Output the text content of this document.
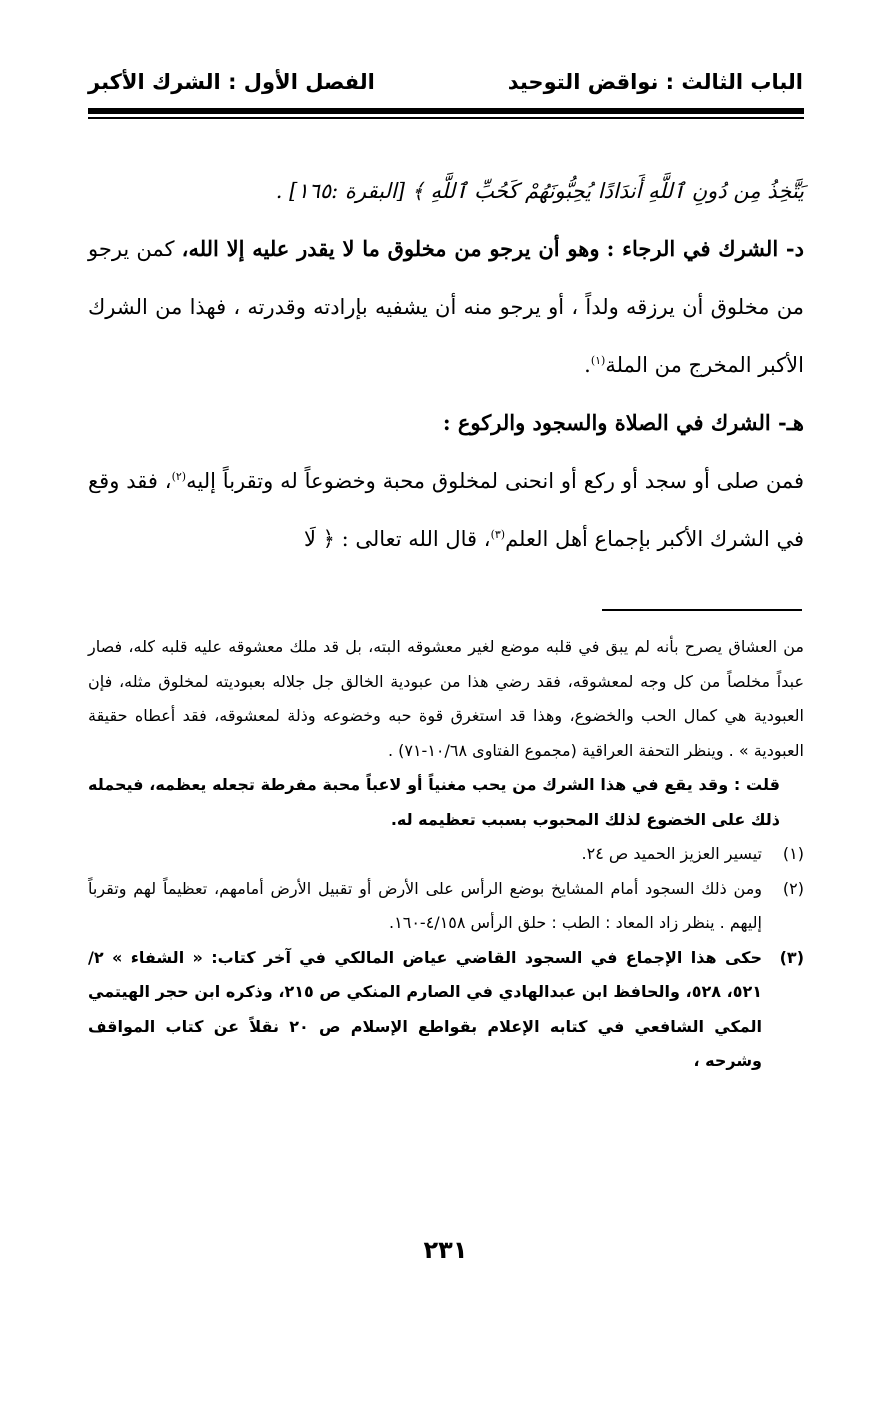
الباب الثالث : نواقض التوحيد
الفصل الأول : الشرك الأكبر

يَتَّخِذُ مِن دُونِ ٱللَّهِ أَندَادًا يُحِبُّونَهُمْ كَحُبِّ ٱللَّهِ ﴾ [البقرة :١٦٥] .

د- الشرك في الرجاء : وهو أن يرجو من مخلوق ما لا يقدر عليه إلا الله، كمن يرجو من مخلوق أن يرزقه ولداً ، أو يرجو منه أن يشفيه بإرادته وقدرته ، فهذا من الشرك الأكبر المخرج من الملة$^{(١)}$.

هـ- الشرك في الصلاة والسجود والركوع :

فمن صلى أو سجد أو ركع أو انحنى لمخلوق محبة وخضوعاً له وتقرباً إليه$^{(٢)}$، فقد وقع في الشرك الأكبر بإجماع أهل العلم$^{(٣)}$، قال الله تعالى : ﴿ لَا

من العشاق يصرح بأنه لم يبق في قلبه موضع لغير معشوقه البته، بل قد ملك معشوقه عليه قلبه كله، فصار عبداً مخلصاً من كل وجه لمعشوقه، فقد رضي هذا من عبودية الخالق جل جلاله بعبوديته لمخلوق مثله، فإن العبودية هي كمال الحب والخضوع، وهذا قد استغرق قوة حبه وخضوعه وذلة لمعشوقه، فقد أعطاه حقيقة العبودية » . وينظر التحفة العراقية (مجموع الفتاوى ١٠/٦٨-٧١) .

قلت : وقد يقع في هذا الشرك من يحب مغنياً أو لاعباً محبة مفرطة تجعله يعظمه، فيحمله ذلك على الخضوع لذلك المحبوب بسبب تعظيمه له.

(١)
تيسير العزيز الحميد ص ٢٤.

(٢)
ومن ذلك السجود أمام المشايخ بوضع الرأس على الأرض أو تقبيل الأرض أمامهم، تعظيماً لهم وتقرباً إليهم . ينظر زاد المعاد : الطب : حلق الرأس ٤/١٥٨-١٦٠.

(٣)
حكى هذا الإجماع في السجود القاضي عياض المالكي في آخر كتاب: « الشفاء » ٢/ ٥٢١، ٥٢٨، والحافظ ابن عبدالهادي في الصارم المنكي ص ٢١٥، وذكره ابن حجر الهيتمي المكي الشافعي في كتابه الإعلام بقواطع الإسلام ص ٢٠ نقلاً عن كتاب المواقف وشرحه ،

٢٣١
